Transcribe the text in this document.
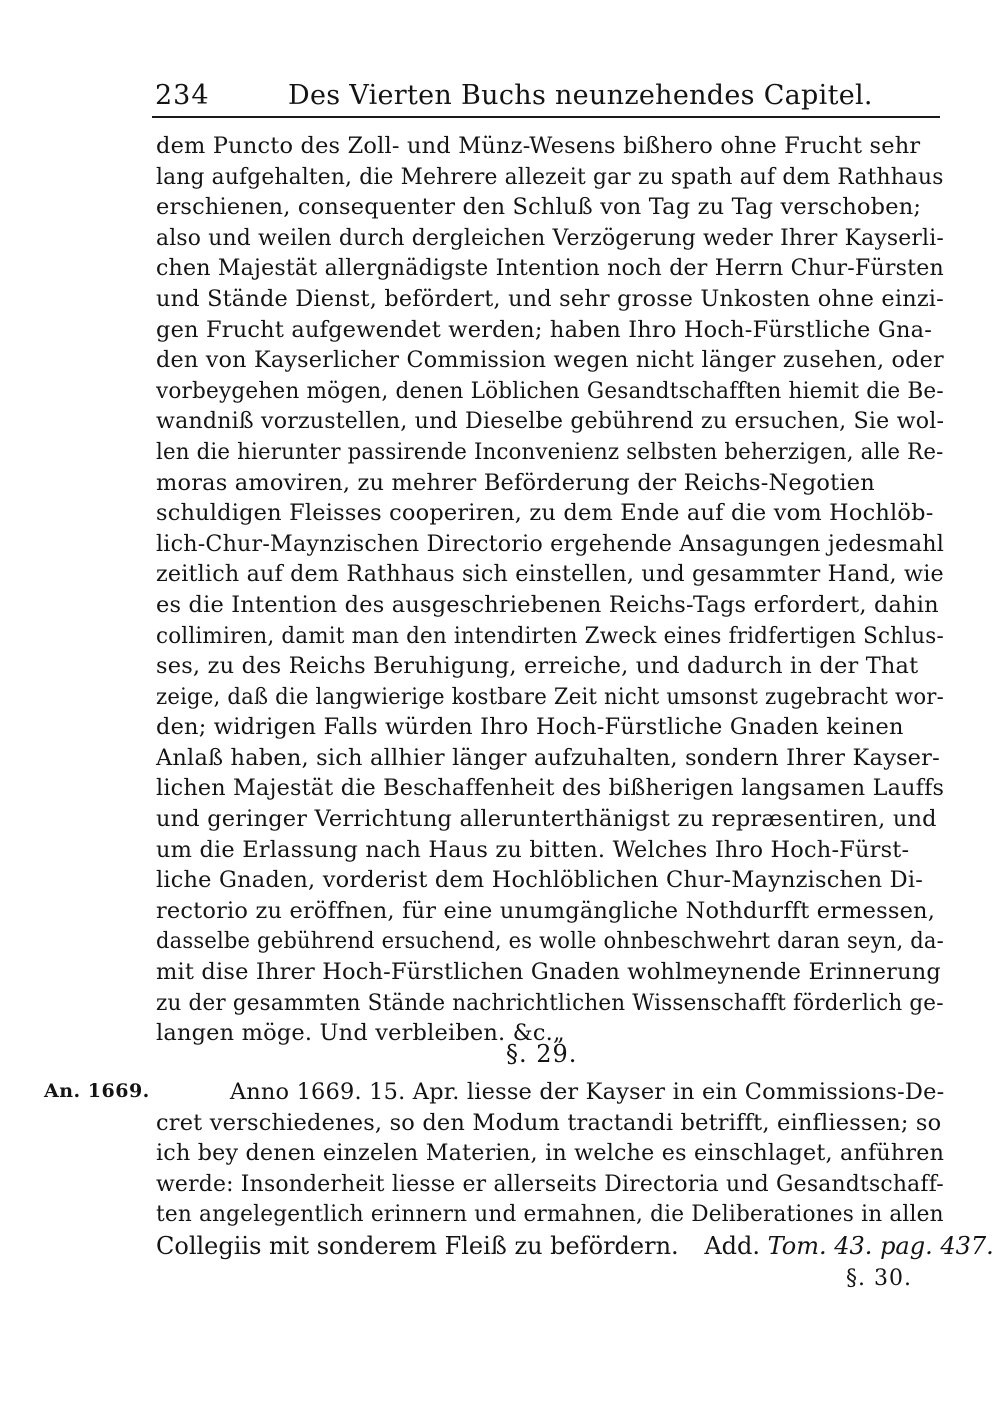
234	Des Vierten Buchs neunzehendes Capitel.
dem Puncto des Zoll- und Münz-Wesens bißhero ohne Frucht sehr
lang aufgehalten, die Mehrere allezeit gar zu spath auf dem Rathhaus
erschienen, consequenter den Schluß von Tag zu Tag verschoben;
also und weilen durch dergleichen Verzögerung weder Ihrer Kayserli-
chen Majestät allergnädigste Intention noch der Herrn Chur-Fürsten
und Stände Dienst, befördert, und sehr grosse Unkosten ohne einzi-
gen Frucht aufgewendet werden; haben Ihro Hoch-Fürstliche Gna-
den von Kayserlicher Commission wegen nicht länger zusehen, oder
vorbeygehen mögen, denen Löblichen Gesandtschafften hiemit die Be-
wandniß vorzustellen, und Dieselbe gebührend zu ersuchen, Sie wol-
len die hierunter passirende Inconvenienz selbsten beherzigen, alle Re-
moras amoviren, zu mehrer Beförderung der Reichs-Negotien
schuldigen Fleisses cooperiren, zu dem Ende auf die vom Hochlöb-
lich-Chur-Maynzischen Directorio ergehende Ansagungen jedesmahl
zeitlich auf dem Rathhaus sich einstellen, und gesammter Hand, wie
es die Intention des ausgeschriebenen Reichs-Tags erfordert, dahin
collimiren, damit man den intendirten Zweck eines fridfertigen Schlus-
ses, zu des Reichs Beruhigung, erreiche, und dadurch in der That
zeige, daß die langwierige kostbare Zeit nicht umsonst zugebracht wor-
den; widrigen Falls würden Ihro Hoch-Fürstliche Gnaden keinen
Anlaß haben, sich allhier länger aufzuhalten, sondern Ihrer Kayser-
lichen Majestät die Beschaffenheit des bißherigen langsamen Lauffs
und geringer Verrichtung allerunterthänigst zu repræsentiren, und
um die Erlassung nach Haus zu bitten. Welches Ihro Hoch-Fürst-
liche Gnaden, vorderist dem Hochlöblichen Chur-Maynzischen Di-
rectorio zu eröffnen, für eine unumgängliche Nothdurfft ermessen,
dasselbe gebührend ersuchend, es wolle ohnbeschwehrt daran seyn, da-
mit dise Ihrer Hoch-Fürstlichen Gnaden wohlmeynende Erinnerung
zu der gesammten Stände nachrichtlichen Wissenschafft förderlich ge-
langen möge. Und verbleiben. &c.„
§. 29.
An. 1669.	Anno 1669. 15. Apr. liesse der Kayser in ein Commissions-De-
cret verschiedenes, so den Modum tractandi betrifft, einfliessen; so
ich bey denen einzelen Materien, in welche es einschlaget, anführen
werde: Insonderheit liesse er allerseits Directoria und Gesandtschaff-
ten angelegentlich erinnern und ermahnen, die Deliberationes in allen
Collegiis mit sonderem Fleiß zu befördern. Add. Tom. 43. pag. 437.
§. 30.
